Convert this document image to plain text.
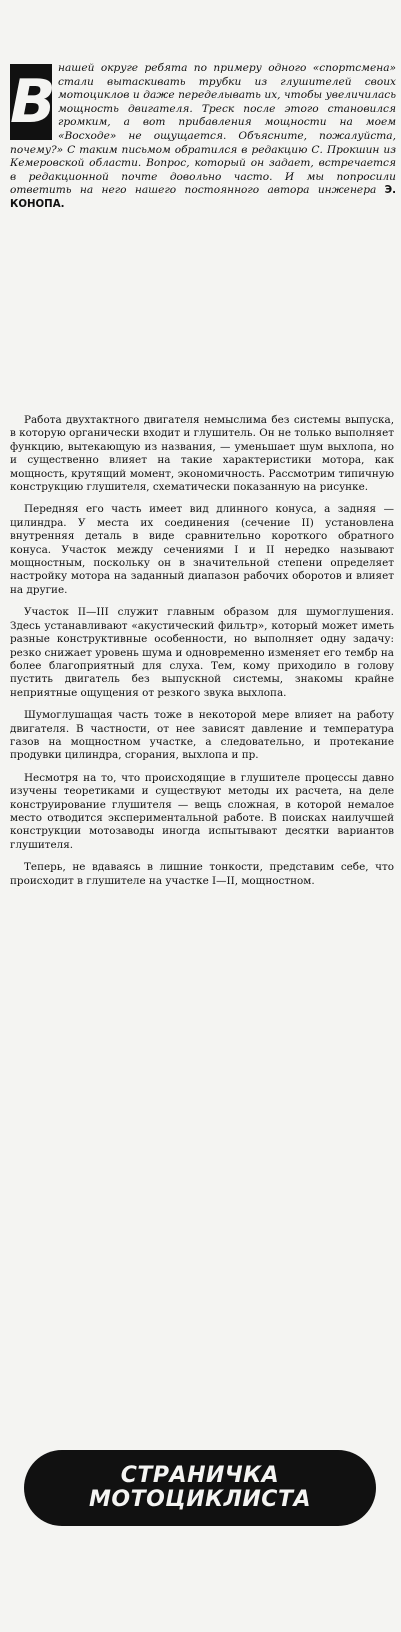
В нашей округе ребята по примеру одного «спортсмена» стали вытаскивать трубки из глушителей своих мотоциклов и даже переделывать их, чтобы увеличилась мощность двигателя. Треск после этого становился громким, а вот прибавления мощности на моем «Восходе» не ощущается. Объясните, пожалуйста, почему?» С таким письмом обратился в редакцию С. Прокшин из Кемеровской области. Вопрос, который он задает, встречается в редакционной почте довольно часто. И мы попросили ответить на него нашего постоянного автора инженера Э. КОНОПА.

Работа двухтактного двигателя немыслима без системы выпуска, в которую органически входит и глушитель. Он не только выполняет функцию, вытекающую из названия, — уменьшает шум выхлопа, но и существенно влияет на такие характеристики мотора, как мощность, крутящий момент, экономичность. Рассмотрим типичную конструкцию глушителя, схематически показанную на рисунке.

Передняя его часть имеет вид длинного конуса, а задняя — цилиндра. У места их соединения (сечение II) установлена внутренняя деталь в виде сравнительно короткого обратного конуса. Участок между сечениями I и II нередко называют мощностным, поскольку он в значительной степени определяет настройку мотора на заданный диапазон рабочих оборотов и влияет на другие.

Участок II—III служит главным образом для шумоглушения. Здесь устанавливают «акустический фильтр», который может иметь разные конструктивные особенности, но выполняет одну задачу: резко снижает уровень шума и одновременно изменяет его тембр на более благоприятный для слуха. Тем, кому приходило в голову пустить двигатель без выпускной системы, знакомы крайне неприятные ощущения от резкого звука выхлопа.

Шумоглушащая часть тоже в некоторой мере влияет на работу двигателя. В частности, от нее зависят давление и температура газов на мощностном участке, а следовательно, и протекание продувки цилиндра, сгорания, выхлопа и пр.

Несмотря на то, что происходящие в глушителе процессы давно изучены теоретиками и существуют методы их расчета, на деле конструирование глушителя — вещь сложная, в которой немалое место отводится экспериментальной работе. В поисках наилучшей конструкции мотозаводы иногда испытывают десятки вариантов глушителя.

Теперь, не вдаваясь в лишние тонкости, представим себе, что происходит в глушителе на участке I—II, мощностном.

СТРАНИЧКА
МОТОЦИКЛИСТА
